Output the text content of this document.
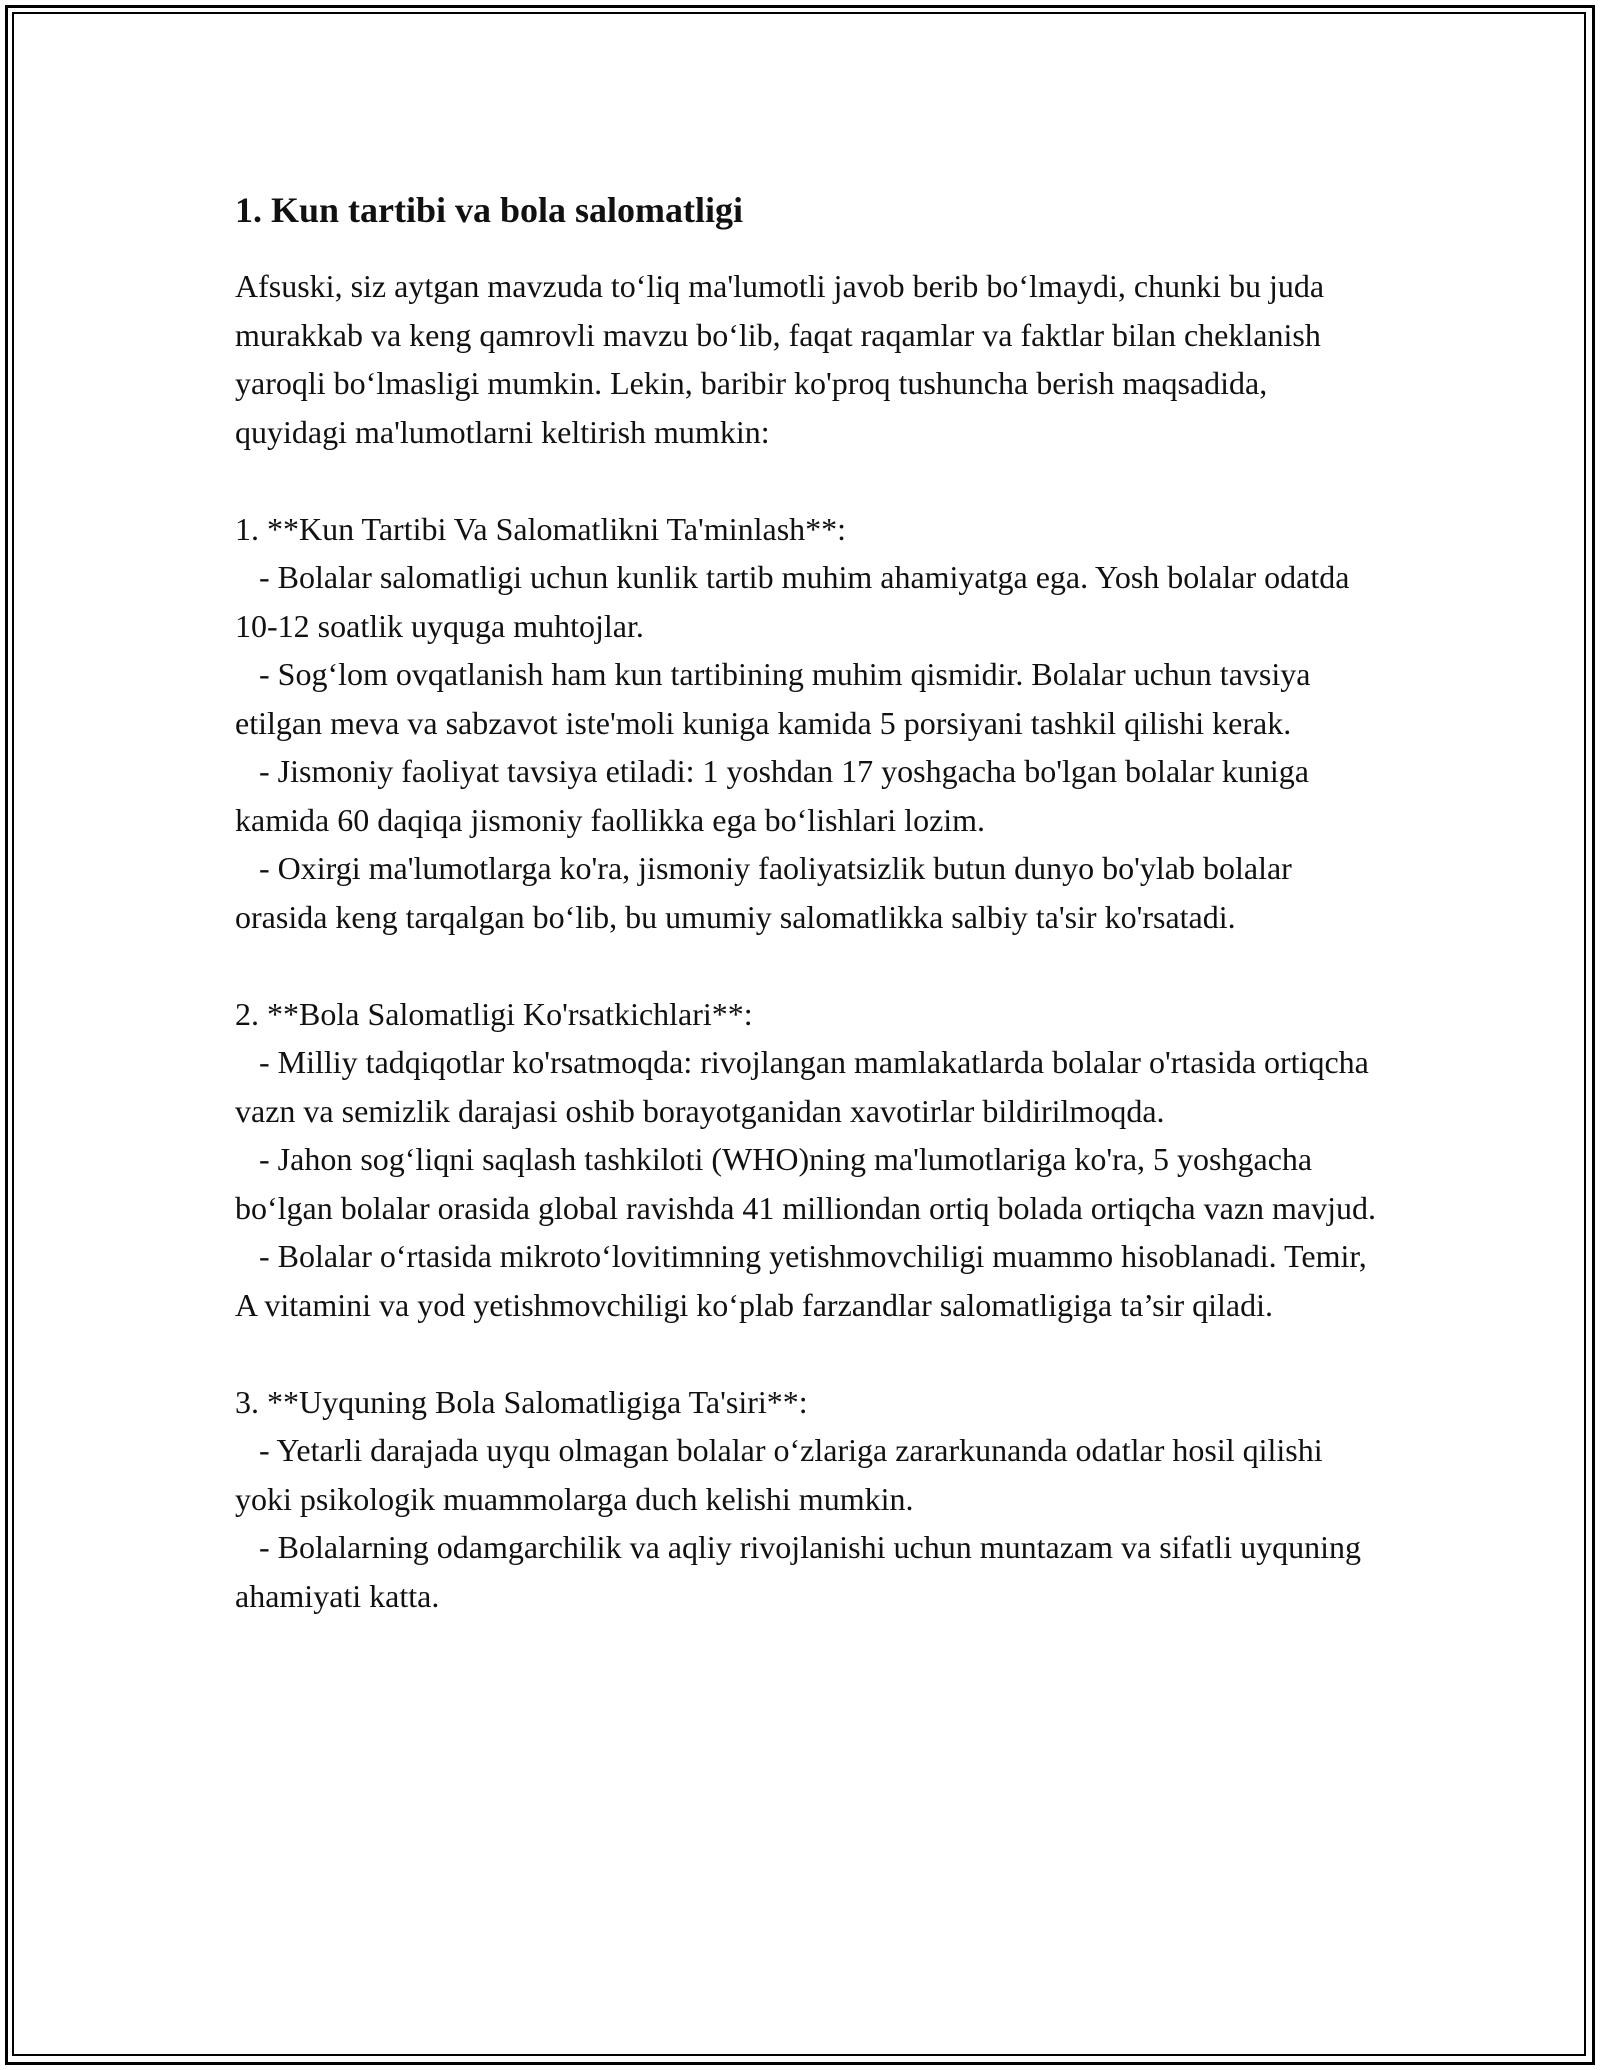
1. Kun tartibi va bola salomatligi

Afsuski, siz aytgan mavzuda to‘liq ma'lumotli javob berib bo‘lmaydi, chunki bu juda murakkab va keng qamrovli mavzu bo‘lib, faqat raqamlar va faktlar bilan cheklanish yaroqli bo‘lmasligi mumkin. Lekin, baribir ko'proq tushuncha berish maqsadida, quyidagi ma'lumotlarni keltirish mumkin:

1. **Kun Tartibi Va Salomatlikni Ta'minlash**:
- Bolalar salomatligi uchun kunlik tartib muhim ahamiyatga ega. Yosh bolalar odatda 10-12 soatlik uyquga muhtojlar.
- Sog‘lom ovqatlanish ham kun tartibining muhim qismidir. Bolalar uchun tavsiya etilgan meva va sabzavot iste'moli kuniga kamida 5 porsiyani tashkil qilishi kerak.
- Jismoniy faoliyat tavsiya etiladi: 1 yoshdan 17 yoshgacha bo'lgan bolalar kuniga kamida 60 daqiqa jismoniy faollikka ega bo‘lishlari lozim.
- Oxirgi ma'lumotlarga ko'ra, jismoniy faoliyatsizlik butun dunyo bo'ylab bolalar orasida keng tarqalgan bo‘lib, bu umumiy salomatlikka salbiy ta'sir ko'rsatadi.

2. **Bola Salomatligi Ko'rsatkichlari**:
- Milliy tadqiqotlar ko'rsatmoqda: rivojlangan mamlakatlarda bolalar o'rtasida ortiqcha vazn va semizlik darajasi oshib borayotganidan xavotirlar bildirilmoqda.
- Jahon sog‘liqni saqlash tashkiloti (WHO)ning ma'lumotlariga ko'ra, 5 yoshgacha bo‘lgan bolalar orasida global ravishda 41 milliondan ortiq bolada ortiqcha vazn mavjud.
- Bolalar o‘rtasida mikroto‘lovitimning yetishmovchiligi muammo hisoblanadi. Temir, A vitamini va yod yetishmovchiligi ko‘plab farzandlar salomatligiga ta’sir qiladi.

3. **Uyquning Bola Salomatligiga Ta'siri**:
- Yetarli darajada uyqu olmagan bolalar o‘zlariga zararkunanda odatlar hosil qilishi yoki psikologik muammolarga duch kelishi mumkin.
- Bolalarning odamgarchilik va aqliy rivojlanishi uchun muntazam va sifatli uyquning ahamiyati katta.
